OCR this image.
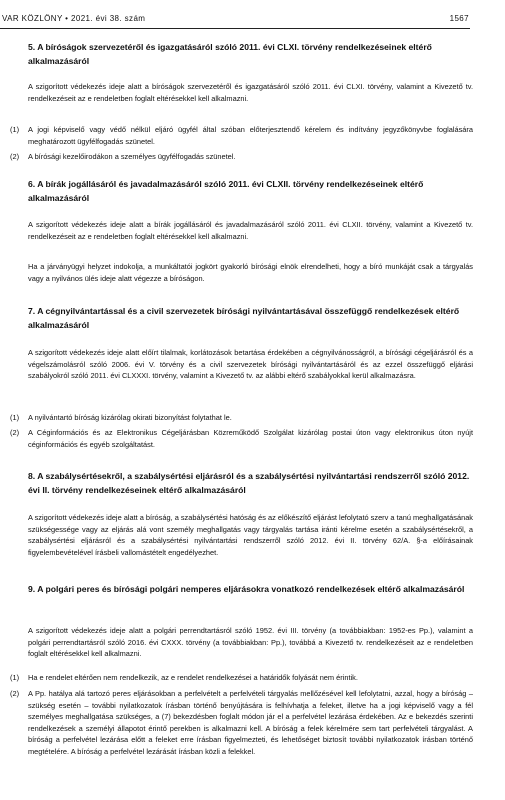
VAR KÖZLÖNY • 2021. évi 38. szám	1567
5. A bíróságok szervezetéről és igazgatásáról szóló 2011. évi CLXI. törvény rendelkezéseinek eltérő alkalmazásáról
A szigorított védekezés ideje alatt a bíróságok szervezetéről és igazgatásáról szóló 2011. évi CLXI. törvény, valamint a Kivezető tv. rendelkezéseit az e rendeletben foglalt eltérésekkel kell alkalmazni.
(1) A jogi képviselő vagy védő nélkül eljáró ügyfél által szóban előterjesztendő kérelem és indítvány jegyzőkönyvbe foglalására meghatározott ügyfélfogadás szünetel.
(2) A bírósági kezelőirodákon a személyes ügyfélfogadás szünetel.
6. A bírák jogállásáról és javadalmazásáról szóló 2011. évi CLXII. törvény rendelkezéseinek eltérő alkalmazásáról
A szigorított védekezés ideje alatt a bírák jogállásáról és javadalmazásáról szóló 2011. évi CLXII. törvény, valamint a Kivezető tv. rendelkezéseit az e rendeletben foglalt eltérésekkel kell alkalmazni.
Ha a járványügyi helyzet indokolja, a munkáltatói jogkört gyakorló bírósági elnök elrendelheti, hogy a bíró munkáját csak a tárgyalás vagy a nyilvános ülés ideje alatt végezze a bíróságon.
7. A cégnyilvántartással és a civil szervezetek bírósági nyilvántartásával összefüggő rendelkezések eltérő alkalmazásáról
A szigorított védekezés ideje alatt előírt tilalmak, korlátozások betartása érdekében a cégnyilvánosságról, a bírósági cégeljárásról és a végelszámolásról szóló 2006. évi V. törvény és a civil szervezetek bírósági nyilvántartásáról és az ezzel összefüggő eljárási szabályokról szóló 2011. évi CLXXXI. törvény, valamint a Kivezető tv. az alábbi eltérő szabályokkal kerül alkalmazásra.
(1) A nyilvántartó bíróság kizárólag okirati bizonyítást folytathat le.
(2) A Céginformációs és az Elektronikus Cégeljárásban Közreműködő Szolgálat kizárólag postai úton vagy elektronikus úton nyújt céginformációs és egyéb szolgáltatást.
8. A szabálysértésekről, a szabálysértési eljárásról és a szabálysértési nyilvántartási rendszerről szóló 2012. évi II. törvény rendelkezéseinek eltérő alkalmazásáról
A szigorított védekezés ideje alatt a bíróság, a szabálysértési hatóság és az előkészítő eljárást lefolytató szerv a tanú meghallgatásának szükségessége vagy az eljárás alá vont személy meghallgatás vagy tárgyalás tartása iránti kérelme esetén a szabálysértésekről, a szabálysértési eljárásról és a szabálysértési nyilvántartási rendszerről szóló 2012. évi II. törvény 62/A. §-a előírásainak figyelembevételével írásbeli vallomástételt engedélyezhet.
9. A polgári peres és bírósági polgári nemperes eljárásokra vonatkozó rendelkezések eltérő alkalmazásáról
A szigorított védekezés ideje alatt a polgári perrendtartásról szóló 1952. évi III. törvény (a továbbiakban: 1952-es Pp.), valamint a polgári perrendtartásról szóló 2016. évi CXXX. törvény (a továbbiakban: Pp.), továbbá a Kivezető tv. rendelkezéseit az e rendeletben foglalt eltérésekkel kell alkalmazni.
(1) Ha e rendelet eltérően nem rendelkezik, az e rendelet rendelkezései a határidők folyását nem érintik.
(2) A Pp. hatálya alá tartozó peres eljárásokban a perfelvételt a perfelvételi tárgyalás mellőzésével kell lefolytatni, azzal, hogy a bíróság – szükség esetén – további nyilatkozatok írásban történő benyújtására is felhívhatja a feleket, illetve ha a jogi képviselő vagy a fél személyes meghallgatása szükséges, a (7) bekezdésben foglalt módon jár el a perfelvétel lezárása érdekében. Az e bekezdés szerinti rendelkezések a személyi állapotot érintő perekben is alkalmazni kell. A bíróság a felek kérelmére sem tart perfelvételi tárgyalást. A bíróság a perfelvétel lezárása előtt a feleket erre írásban figyelmezteti, és lehetőséget biztosít további nyilatkozatok írásban történő megtételére. A bíróság a perfelvétel lezárását írásban közli a felekkel.
